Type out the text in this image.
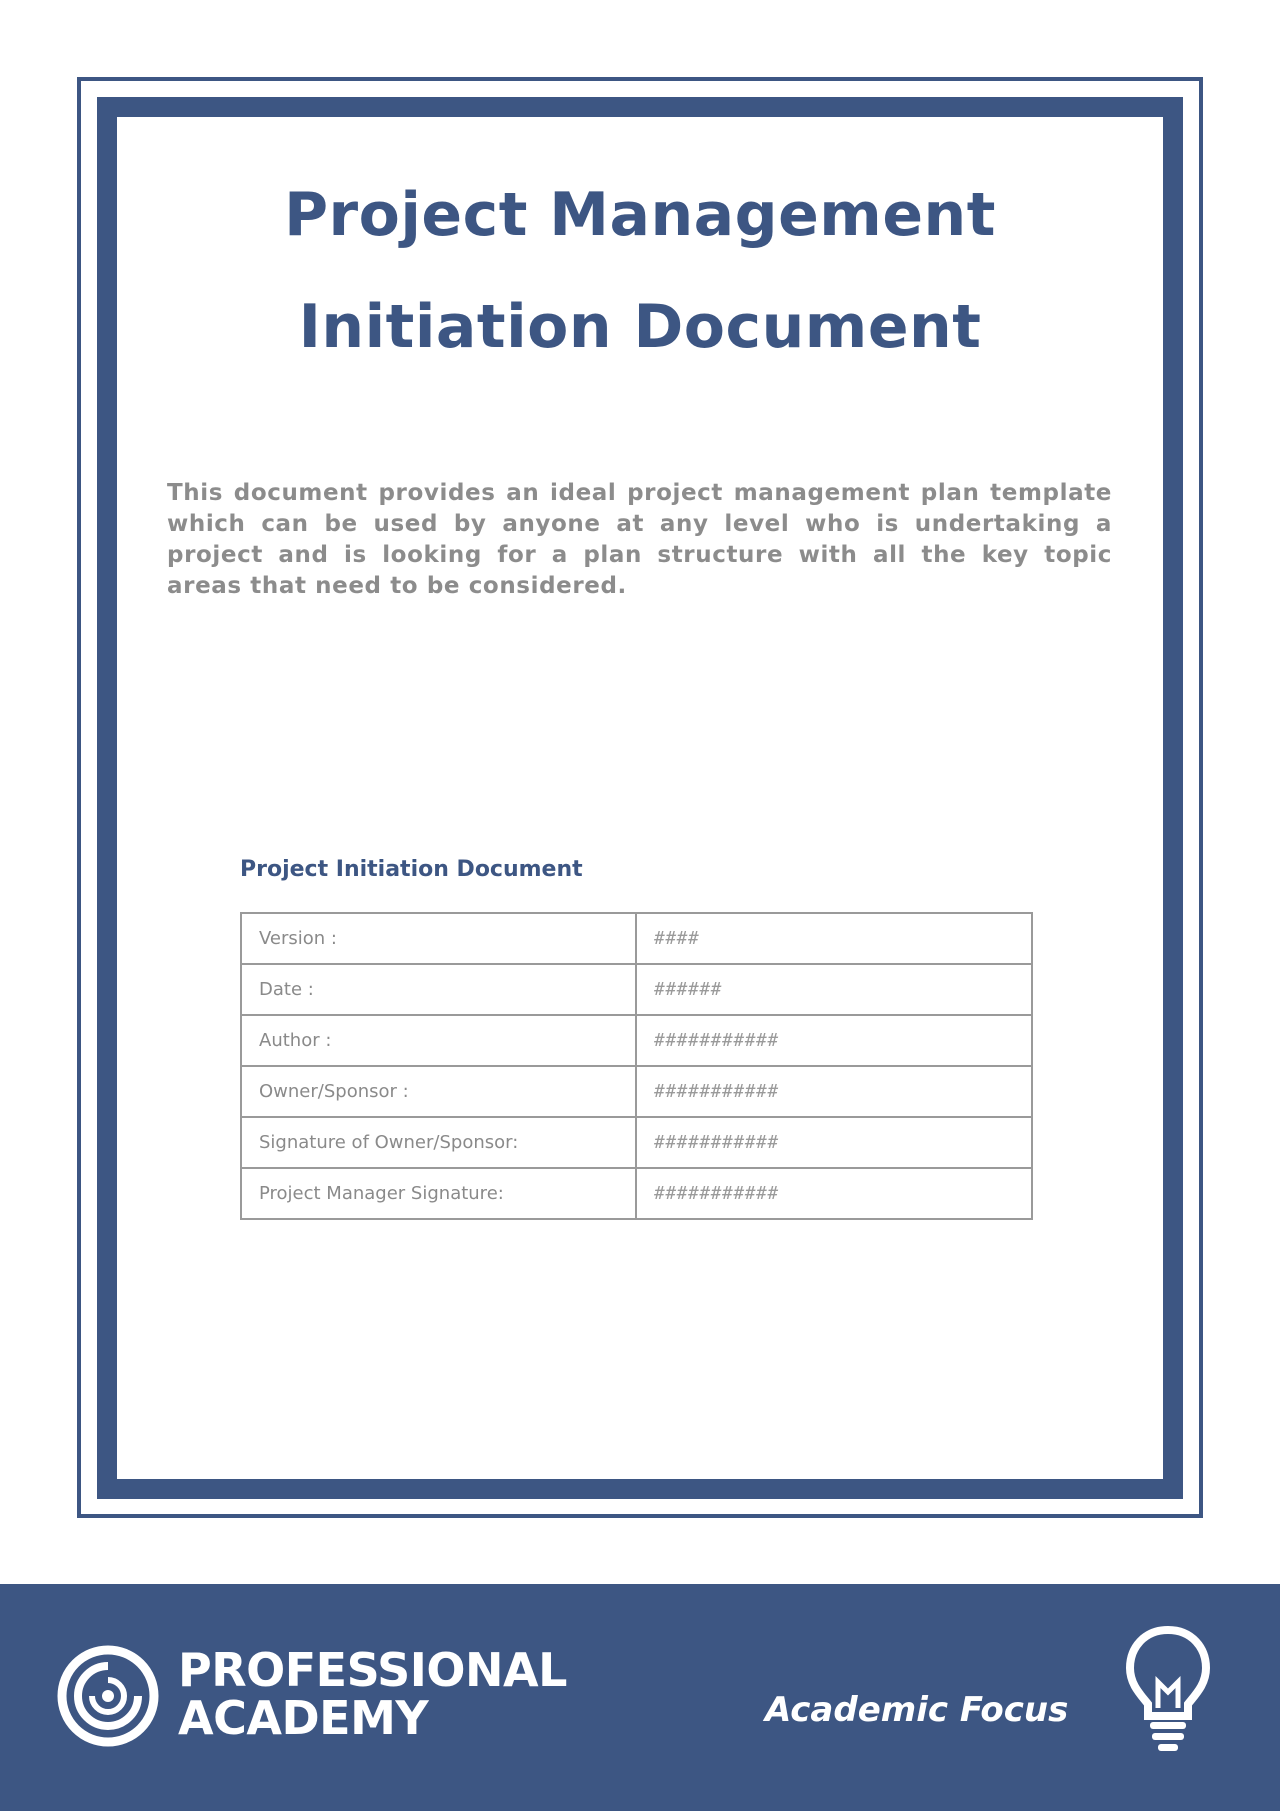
Project Management
Initiation Document

This document provides an ideal project management plan template which can be used by anyone at any level who is undertaking a project and is looking for a plan structure with all the key topic areas that need to be considered.

Project Initiation Document
Version :	####
Date :	######
Author :	###########
Owner/Sponsor :	###########
Signature of Owner/Sponsor:	###########
Project Manager Signature:	###########
PROFESSIONAL
ACADEMY	Academic Focus
